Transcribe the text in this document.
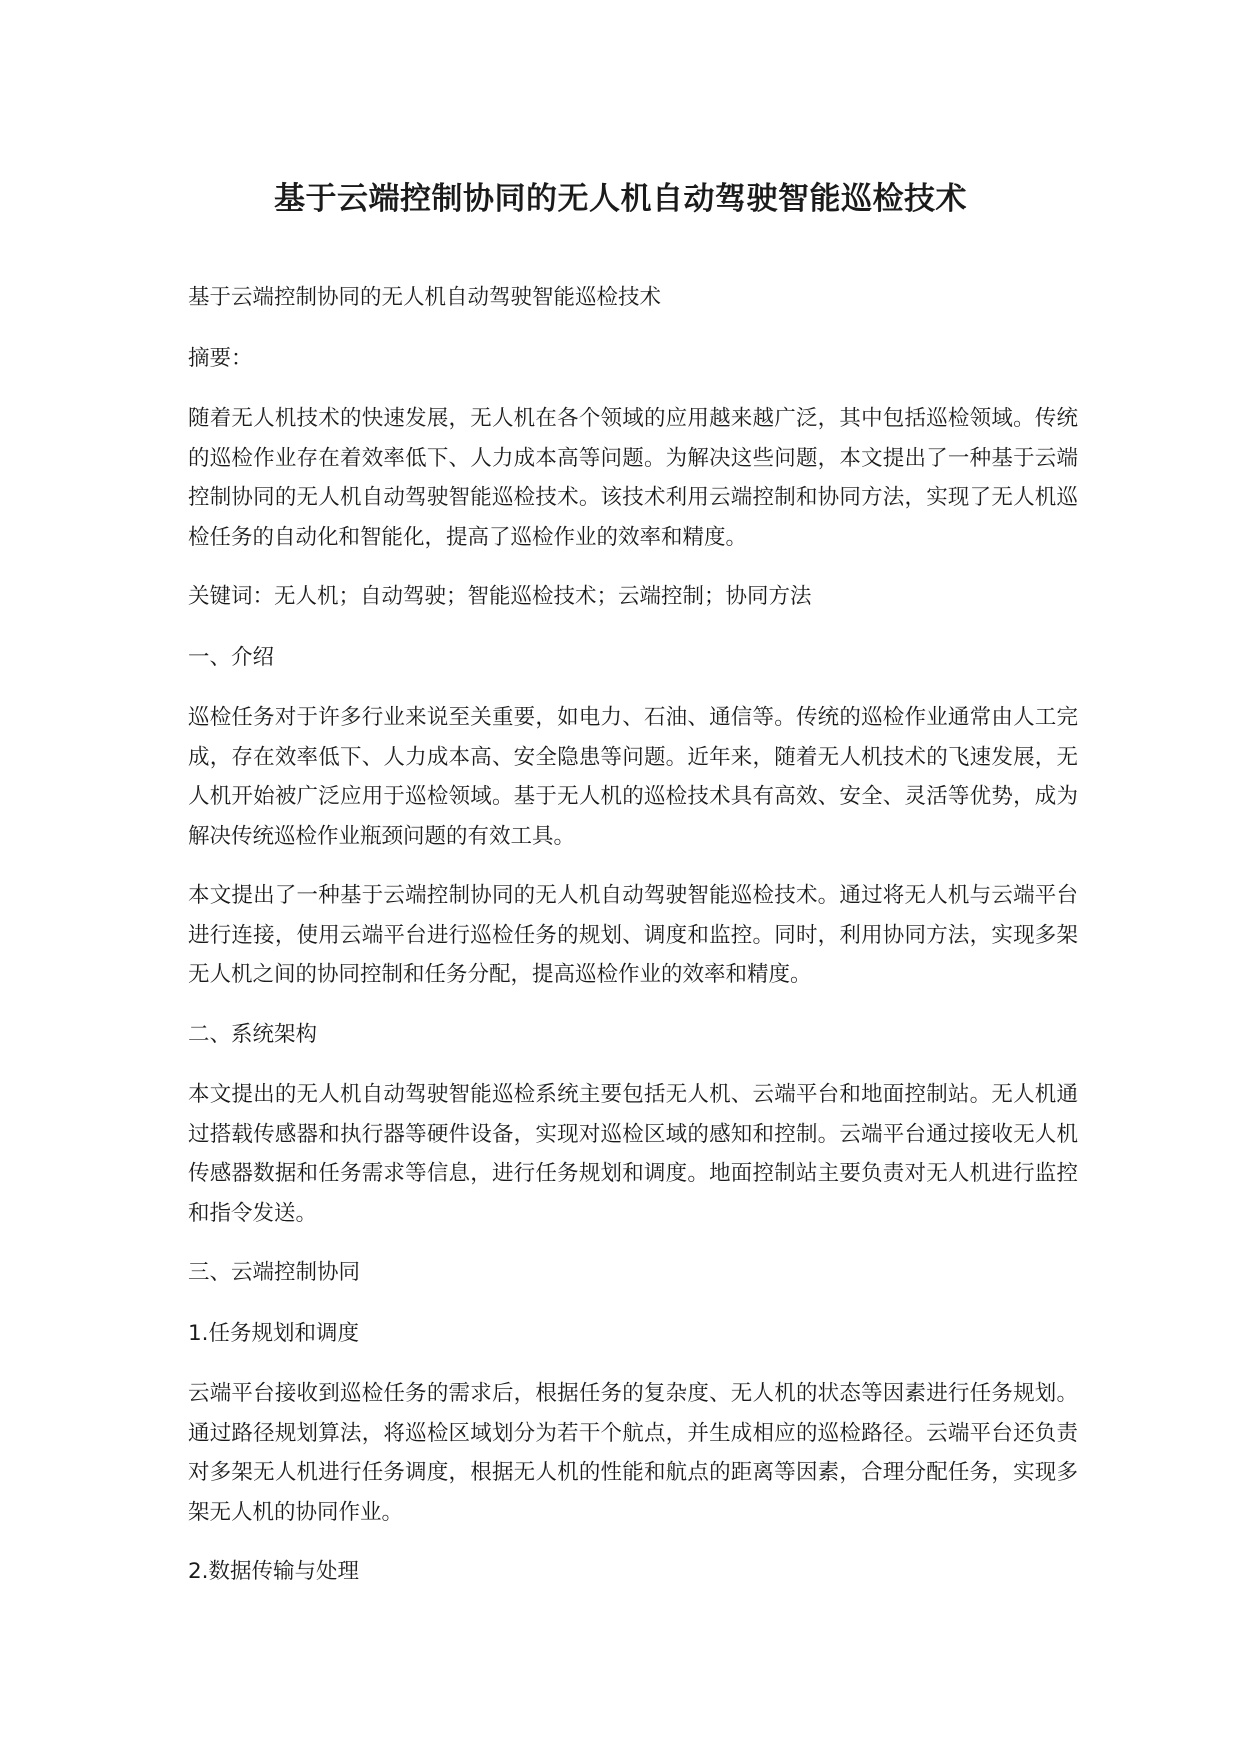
基于云端控制协同的无人机自动驾驶智能巡检技术

基于云端控制协同的无人机自动驾驶智能巡检技术

摘要：

随着无人机技术的快速发展，无人机在各个领域的应用越来越广泛，其中包括巡检领域。传统的巡检作业存在着效率低下、人力成本高等问题。为解决这些问题，本文提出了一种基于云端控制协同的无人机自动驾驶智能巡检技术。该技术利用云端控制和协同方法，实现了无人机巡检任务的自动化和智能化，提高了巡检作业的效率和精度。

关键词：无人机；自动驾驶；智能巡检技术；云端控制；协同方法

一、介绍

巡检任务对于许多行业来说至关重要，如电力、石油、通信等。传统的巡检作业通常由人工完成，存在效率低下、人力成本高、安全隐患等问题。近年来，随着无人机技术的飞速发展，无人机开始被广泛应用于巡检领域。基于无人机的巡检技术具有高效、安全、灵活等优势，成为解决传统巡检作业瓶颈问题的有效工具。

本文提出了一种基于云端控制协同的无人机自动驾驶智能巡检技术。通过将无人机与云端平台进行连接，使用云端平台进行巡检任务的规划、调度和监控。同时，利用协同方法，实现多架无人机之间的协同控制和任务分配，提高巡检作业的效率和精度。

二、系统架构

本文提出的无人机自动驾驶智能巡检系统主要包括无人机、云端平台和地面控制站。无人机通过搭载传感器和执行器等硬件设备，实现对巡检区域的感知和控制。云端平台通过接收无人机传感器数据和任务需求等信息，进行任务规划和调度。地面控制站主要负责对无人机进行监控和指令发送。

三、云端控制协同

1.任务规划和调度

云端平台接收到巡检任务的需求后，根据任务的复杂度、无人机的状态等因素进行任务规划。通过路径规划算法，将巡检区域划分为若干个航点，并生成相应的巡检路径。云端平台还负责对多架无人机进行任务调度，根据无人机的性能和航点的距离等因素，合理分配任务，实现多架无人机的协同作业。

2.数据传输与处理
